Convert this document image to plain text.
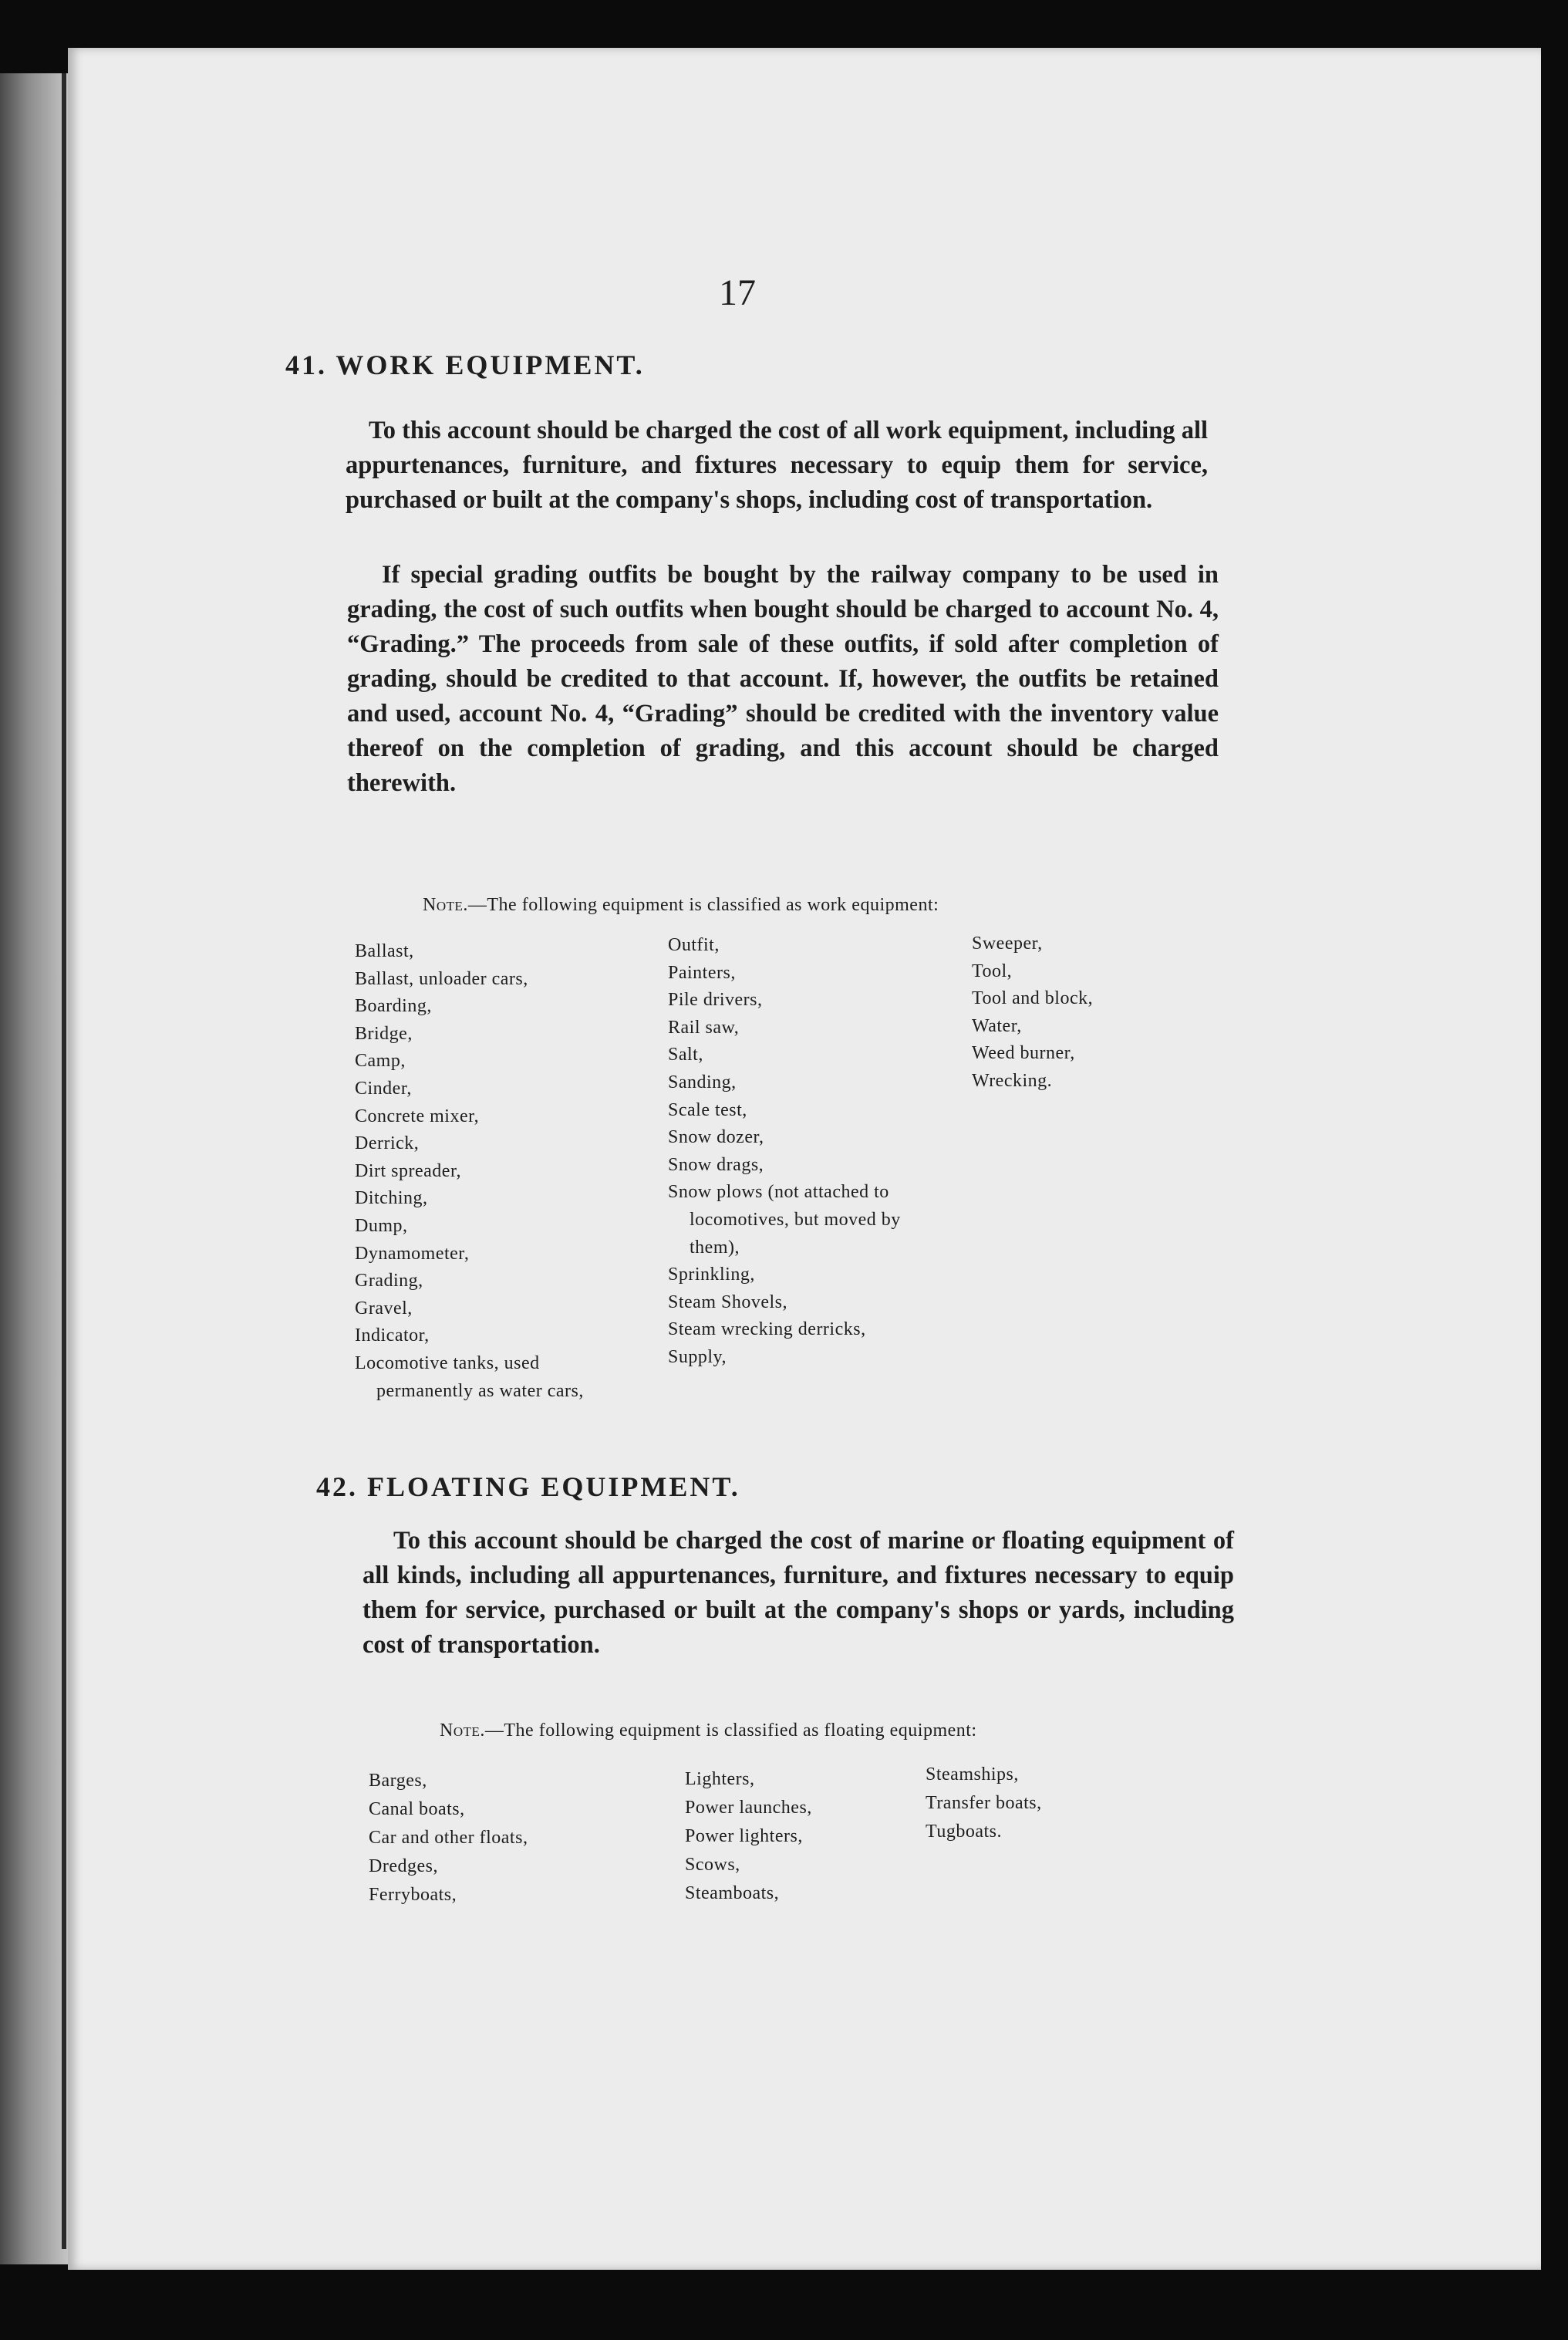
17
41. WORK EQUIPMENT.

To this account should be charged the cost of all work equipment, including all appurtenances, furniture, and fixtures necessary to equip them for service, purchased or built at the company's shops, including cost of transportation.

If special grading outfits be bought by the railway company to be used in grading, the cost of such outfits when bought should be charged to account No. 4, “Grading.” The proceeds from sale of these outfits, if sold after completion of grading, should be credited to that account. If, however, the outfits be retained and used, account No. 4, “Grading” should be credited with the inventory value thereof on the completion of grading, and this account should be charged therewith.

Note.—The following equipment is classified as work equipment:
Ballast,
Ballast, unloader cars,
Boarding,
Bridge,
Camp,
Cinder,
Concrete mixer,
Derrick,
Dirt spreader,
Ditching,
Dump,
Dynamometer,
Grading,
Gravel,
Indicator,
Locomotive tanks, used permanently as water cars,
Outfit,
Painters,
Pile drivers,
Rail saw,
Salt,
Sanding,
Scale test,
Snow dozer,
Snow drags,
Snow plows (not attached to locomotives, but moved by them),
Sprinkling,
Steam Shovels,
Steam wrecking derricks,
Supply,
Sweeper,
Tool,
Tool and block,
Water,
Weed burner,
Wrecking.
42. FLOATING EQUIPMENT.

To this account should be charged the cost of marine or floating equipment of all kinds, including all appurtenances, furniture, and fixtures necessary to equip them for service, purchased or built at the company's shops or yards, including cost of transportation.

Note.—The following equipment is classified as floating equipment:
Barges,
Canal boats,
Car and other floats,
Dredges,
Ferryboats,
Lighters,
Power launches,
Power lighters,
Scows,
Steamboats,
Steamships,
Transfer boats,
Tugboats.
